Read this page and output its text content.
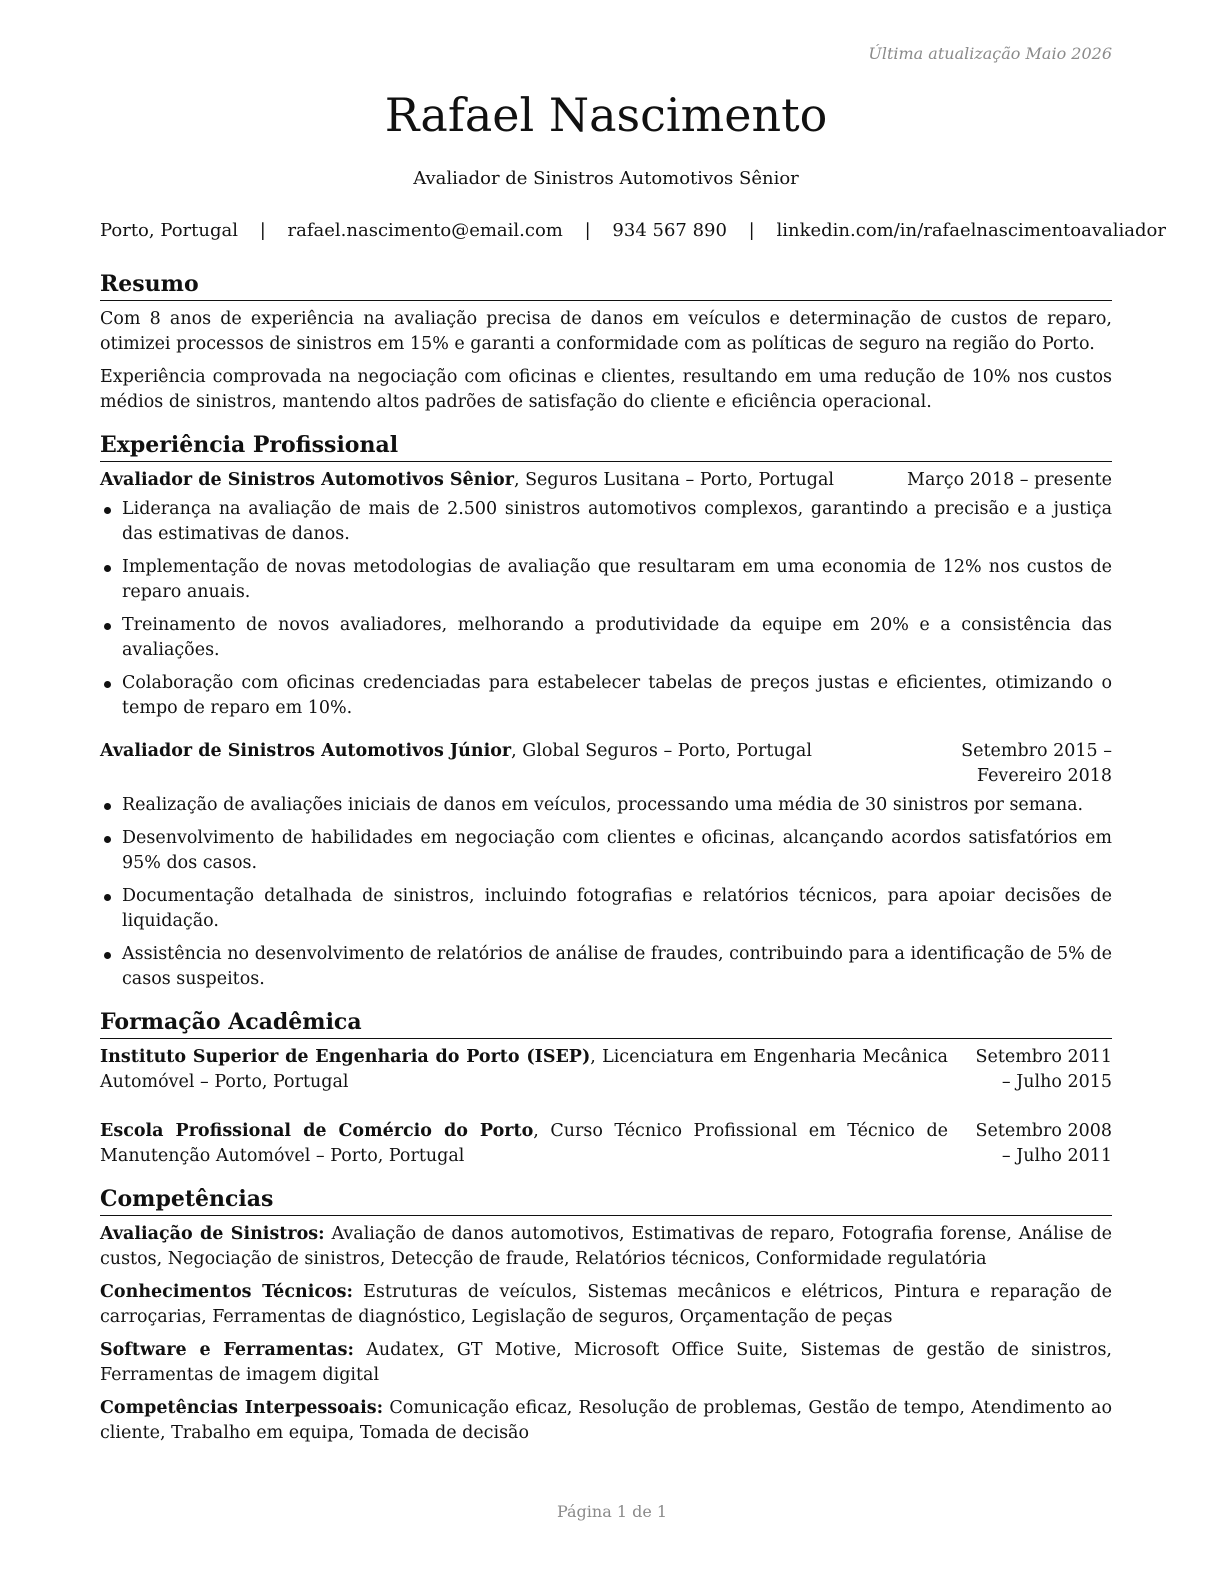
Última atualização Maio 2026
Rafael Nascimento
Avaliador de Sinistros Automotivos Sênior
Porto, Portugal | rafael.nascimento@email.com | 934 567 890 | linkedin.com/in/rafaelnascimentoavaliador
Resumo

Com 8 anos de experiência na avaliação precisa de danos em veículos e determinação de custos de reparo, otimizei processos de sinistros em 15% e garanti a conformidade com as políticas de seguro na região do Porto.

Experiência comprovada na negociação com oficinas e clientes, resultando em uma redução de 10% nos custos médios de sinistros, mantendo altos padrões de satisfação do cliente e eficiência operacional.

Experiência Profissional
Avaliador de Sinistros Automotivos Sênior, Seguros Lusitana – Porto, Portugal	Março 2018 – presente
Liderança na avaliação de mais de 2.500 sinistros automotivos complexos, garantindo a precisão e a justiça das estimativas de danos.
Implementação de novas metodologias de avaliação que resultaram em uma economia de 12% nos custos de reparo anuais.
Treinamento de novos avaliadores, melhorando a produtividade da equipe em 20% e a consistência das avaliações.
Colaboração com oficinas credenciadas para estabelecer tabelas de preços justas e eficientes, otimizando o tempo de reparo em 10%.
Avaliador de Sinistros Automotivos Júnior, Global Seguros – Porto, Portugal	Setembro 2015 – Fevereiro 2018
Realização de avaliações iniciais de danos em veículos, processando uma média de 30 sinistros por semana.
Desenvolvimento de habilidades em negociação com clientes e oficinas, alcançando acordos satisfatórios em 95% dos casos.
Documentação detalhada de sinistros, incluindo fotografias e relatórios técnicos, para apoiar decisões de liquidação.
Assistência no desenvolvimento de relatórios de análise de fraudes, contribuindo para a identificação de 5% de casos suspeitos.
Formação Acadêmica
Instituto Superior de Engenharia do Porto (ISEP), Licenciatura em Engenharia Mecânica Automóvel – Porto, Portugal
Setembro 2011 – Julho 2015
Escola Profissional de Comércio do Porto, Curso Técnico Profissional em Técnico de Manutenção Automóvel – Porto, Portugal
Setembro 2008 – Julho 2011
Competências

Avaliação de Sinistros: Avaliação de danos automotivos, Estimativas de reparo, Fotografia forense, Análise de custos, Negociação de sinistros, Detecção de fraude, Relatórios técnicos, Conformidade regulatória

Conhecimentos Técnicos: Estruturas de veículos, Sistemas mecânicos e elétricos, Pintura e reparação de carroçarias, Ferramentas de diagnóstico, Legislação de seguros, Orçamentação de peças

Software e Ferramentas: Audatex, GT Motive, Microsoft Office Suite, Sistemas de gestão de sinistros, Ferramentas de imagem digital

Competências Interpessoais: Comunicação eficaz, Resolução de problemas, Gestão de tempo, Atendimento ao cliente, Trabalho em equipa, Tomada de decisão

Página 1 de 1
